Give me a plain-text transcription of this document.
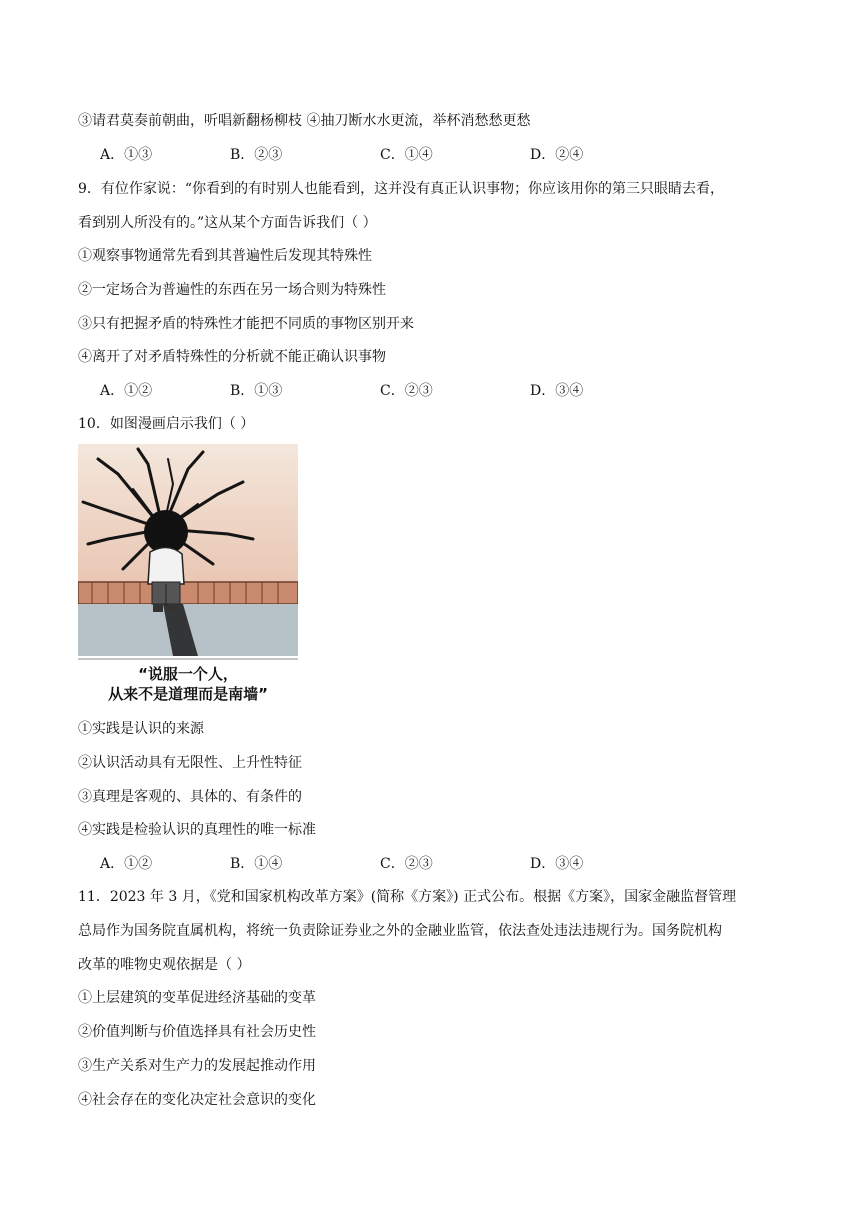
③请君莫奏前朝曲，听唱新翻杨柳枝 ④抽刀断水水更流，举杯消愁愁更愁
A．①③	B．②③	C．①④	D．②④
9．有位作家说：“你看到的有时别人也能看到，这并没有真正认识事物；你应该用你的第三只眼睛去看，
看到别人所没有的。”这从某个方面告诉我们（ ）
①观察事物通常先看到其普遍性后发现其特殊性
②一定场合为普遍性的东西在另一场合则为特殊性
③只有把握矛盾的特殊性才能把不同质的事物区别开来
④离开了对矛盾特殊性的分析就不能正确认识事物
A．①②	B．①③	C．②③	D．③④
10．如图漫画启示我们（ ）
“说服一个人，
从来不是道理而是南墙”
①实践是认识的来源
②认识活动具有无限性、上升性特征
③真理是客观的、具体的、有条件的
④实践是检验认识的真理性的唯一标准
A．①②	B．①④	C．②③	D．③④
11．2023 年 3 月，《党和国家机构改革方案》(简称《方案》) 正式公布。根据《方案》，国家金融监督管理
总局作为国务院直属机构，将统一负责除证券业之外的金融业监管，依法查处违法违规行为。国务院机构
改革的唯物史观依据是（ ）
①上层建筑的变革促进经济基础的变革
②价值判断与价值选择具有社会历史性
③生产关系对生产力的发展起推动作用
④社会存在的变化决定社会意识的变化
